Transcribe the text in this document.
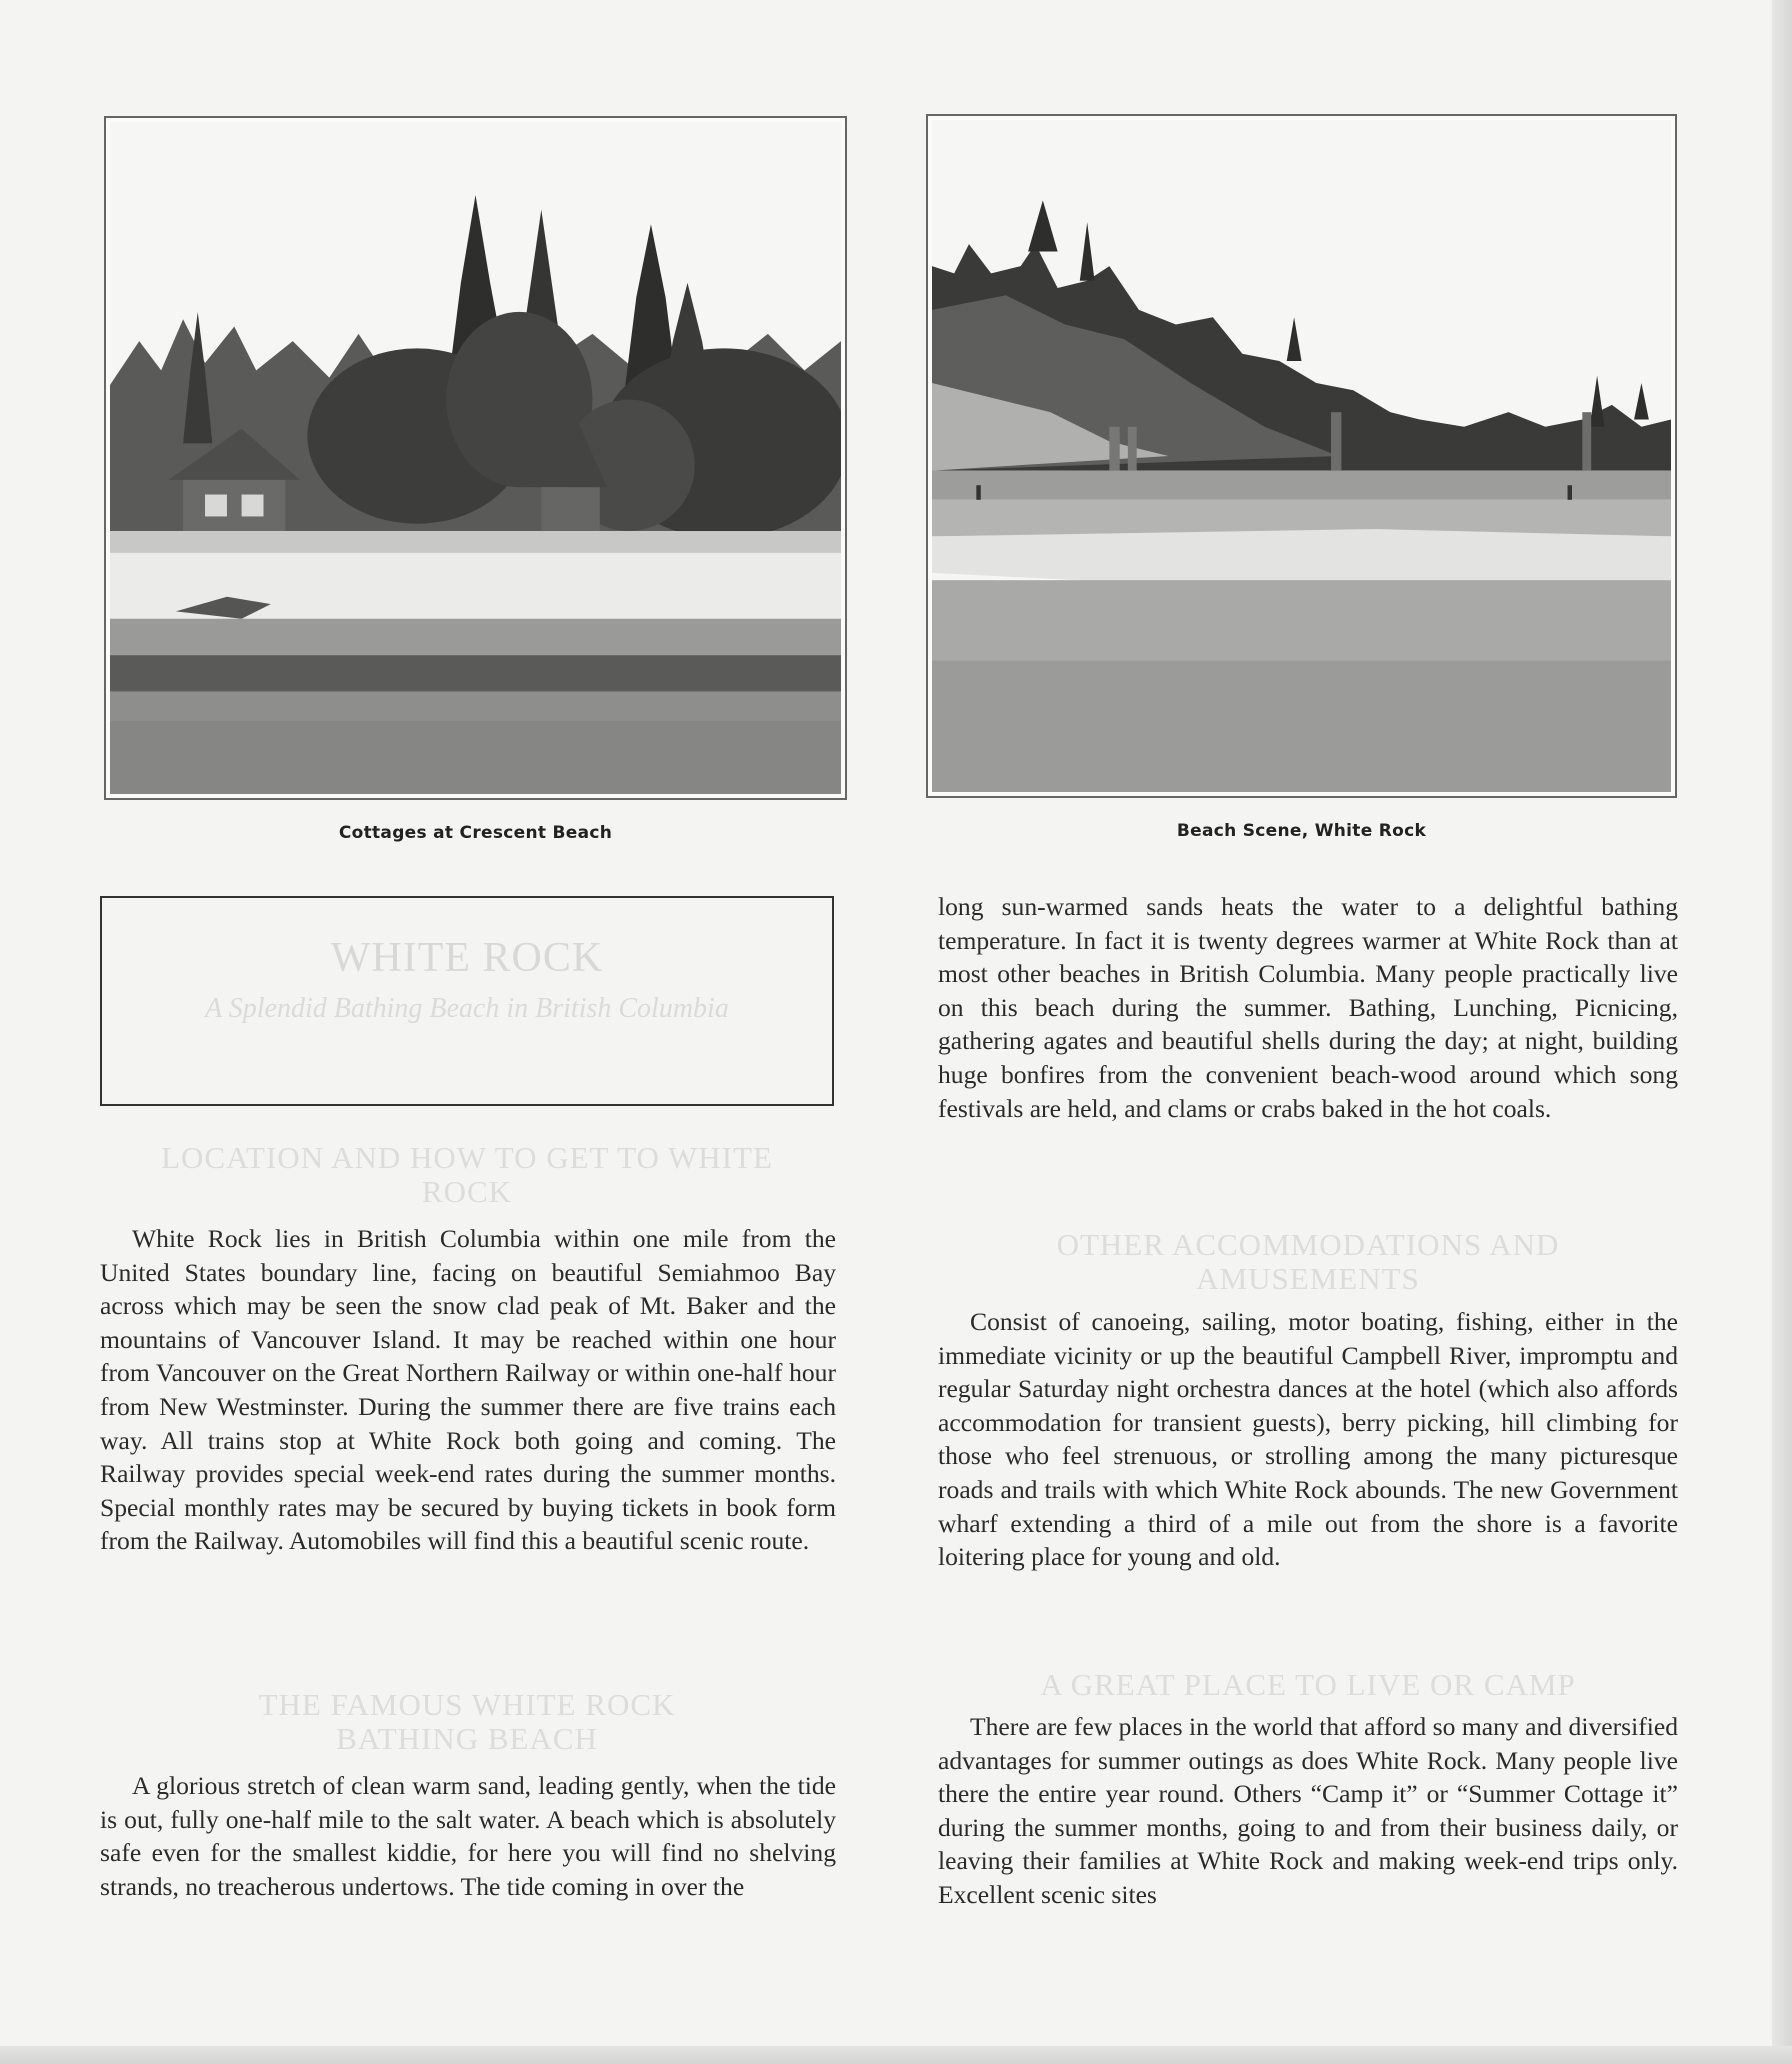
Cottages at Crescent Beach	Beach Scene, White Rock
WHITE ROCK
A Splendid Bathing Beach in British Columbia
LOCATION AND HOW TO GET TO WHITE ROCK

White Rock lies in British Columbia within one mile from the United States boundary line, facing on beautiful Semiahmoo Bay across which may be seen the snow clad peak of Mt. Baker and the mountains of Vancouver Island. It may be reached within one hour from Vancouver on the Great Northern Railway or within one-half hour from New Westminster. During the summer there are five trains each way. All trains stop at White Rock both going and coming. The Railway provides special week-end rates during the summer months. Special monthly rates may be secured by buying tickets in book form from the Railway. Automobiles will find this a beautiful scenic route.

THE FAMOUS WHITE ROCK BATHING BEACH

A glorious stretch of clean warm sand, leading gently, when the tide is out, fully one-half mile to the salt water. A beach which is absolutely safe even for the smallest kiddie, for here you will find no shelving strands, no treacherous undertows. The tide coming in over the

long sun-warmed sands heats the water to a delightful bathing temperature. In fact it is twenty degrees warmer at White Rock than at most other beaches in British Columbia. Many people practically live on this beach during the summer. Bathing, Lunching, Picnicing, gathering agates and beautiful shells during the day; at night, building huge bonfires from the convenient beach-wood around which song festivals are held, and clams or crabs baked in the hot coals.

OTHER ACCOMMODATIONS AND AMUSEMENTS

Consist of canoeing, sailing, motor boating, fishing, either in the immediate vicinity or up the beautiful Campbell River, impromptu and regular Saturday night orchestra dances at the hotel (which also affords accommodation for transient guests), berry picking, hill climbing for those who feel strenuous, or strolling among the many picturesque roads and trails with which White Rock abounds. The new Government wharf extending a third of a mile out from the shore is a favorite loitering place for young and old.

A GREAT PLACE TO LIVE OR CAMP

There are few places in the world that afford so many and diversified advantages for summer outings as does White Rock. Many people live there the entire year round. Others “Camp it” or “Summer Cottage it” during the summer months, going to and from their business daily, or leaving their families at White Rock and making week-end trips only. Excellent scenic sites
